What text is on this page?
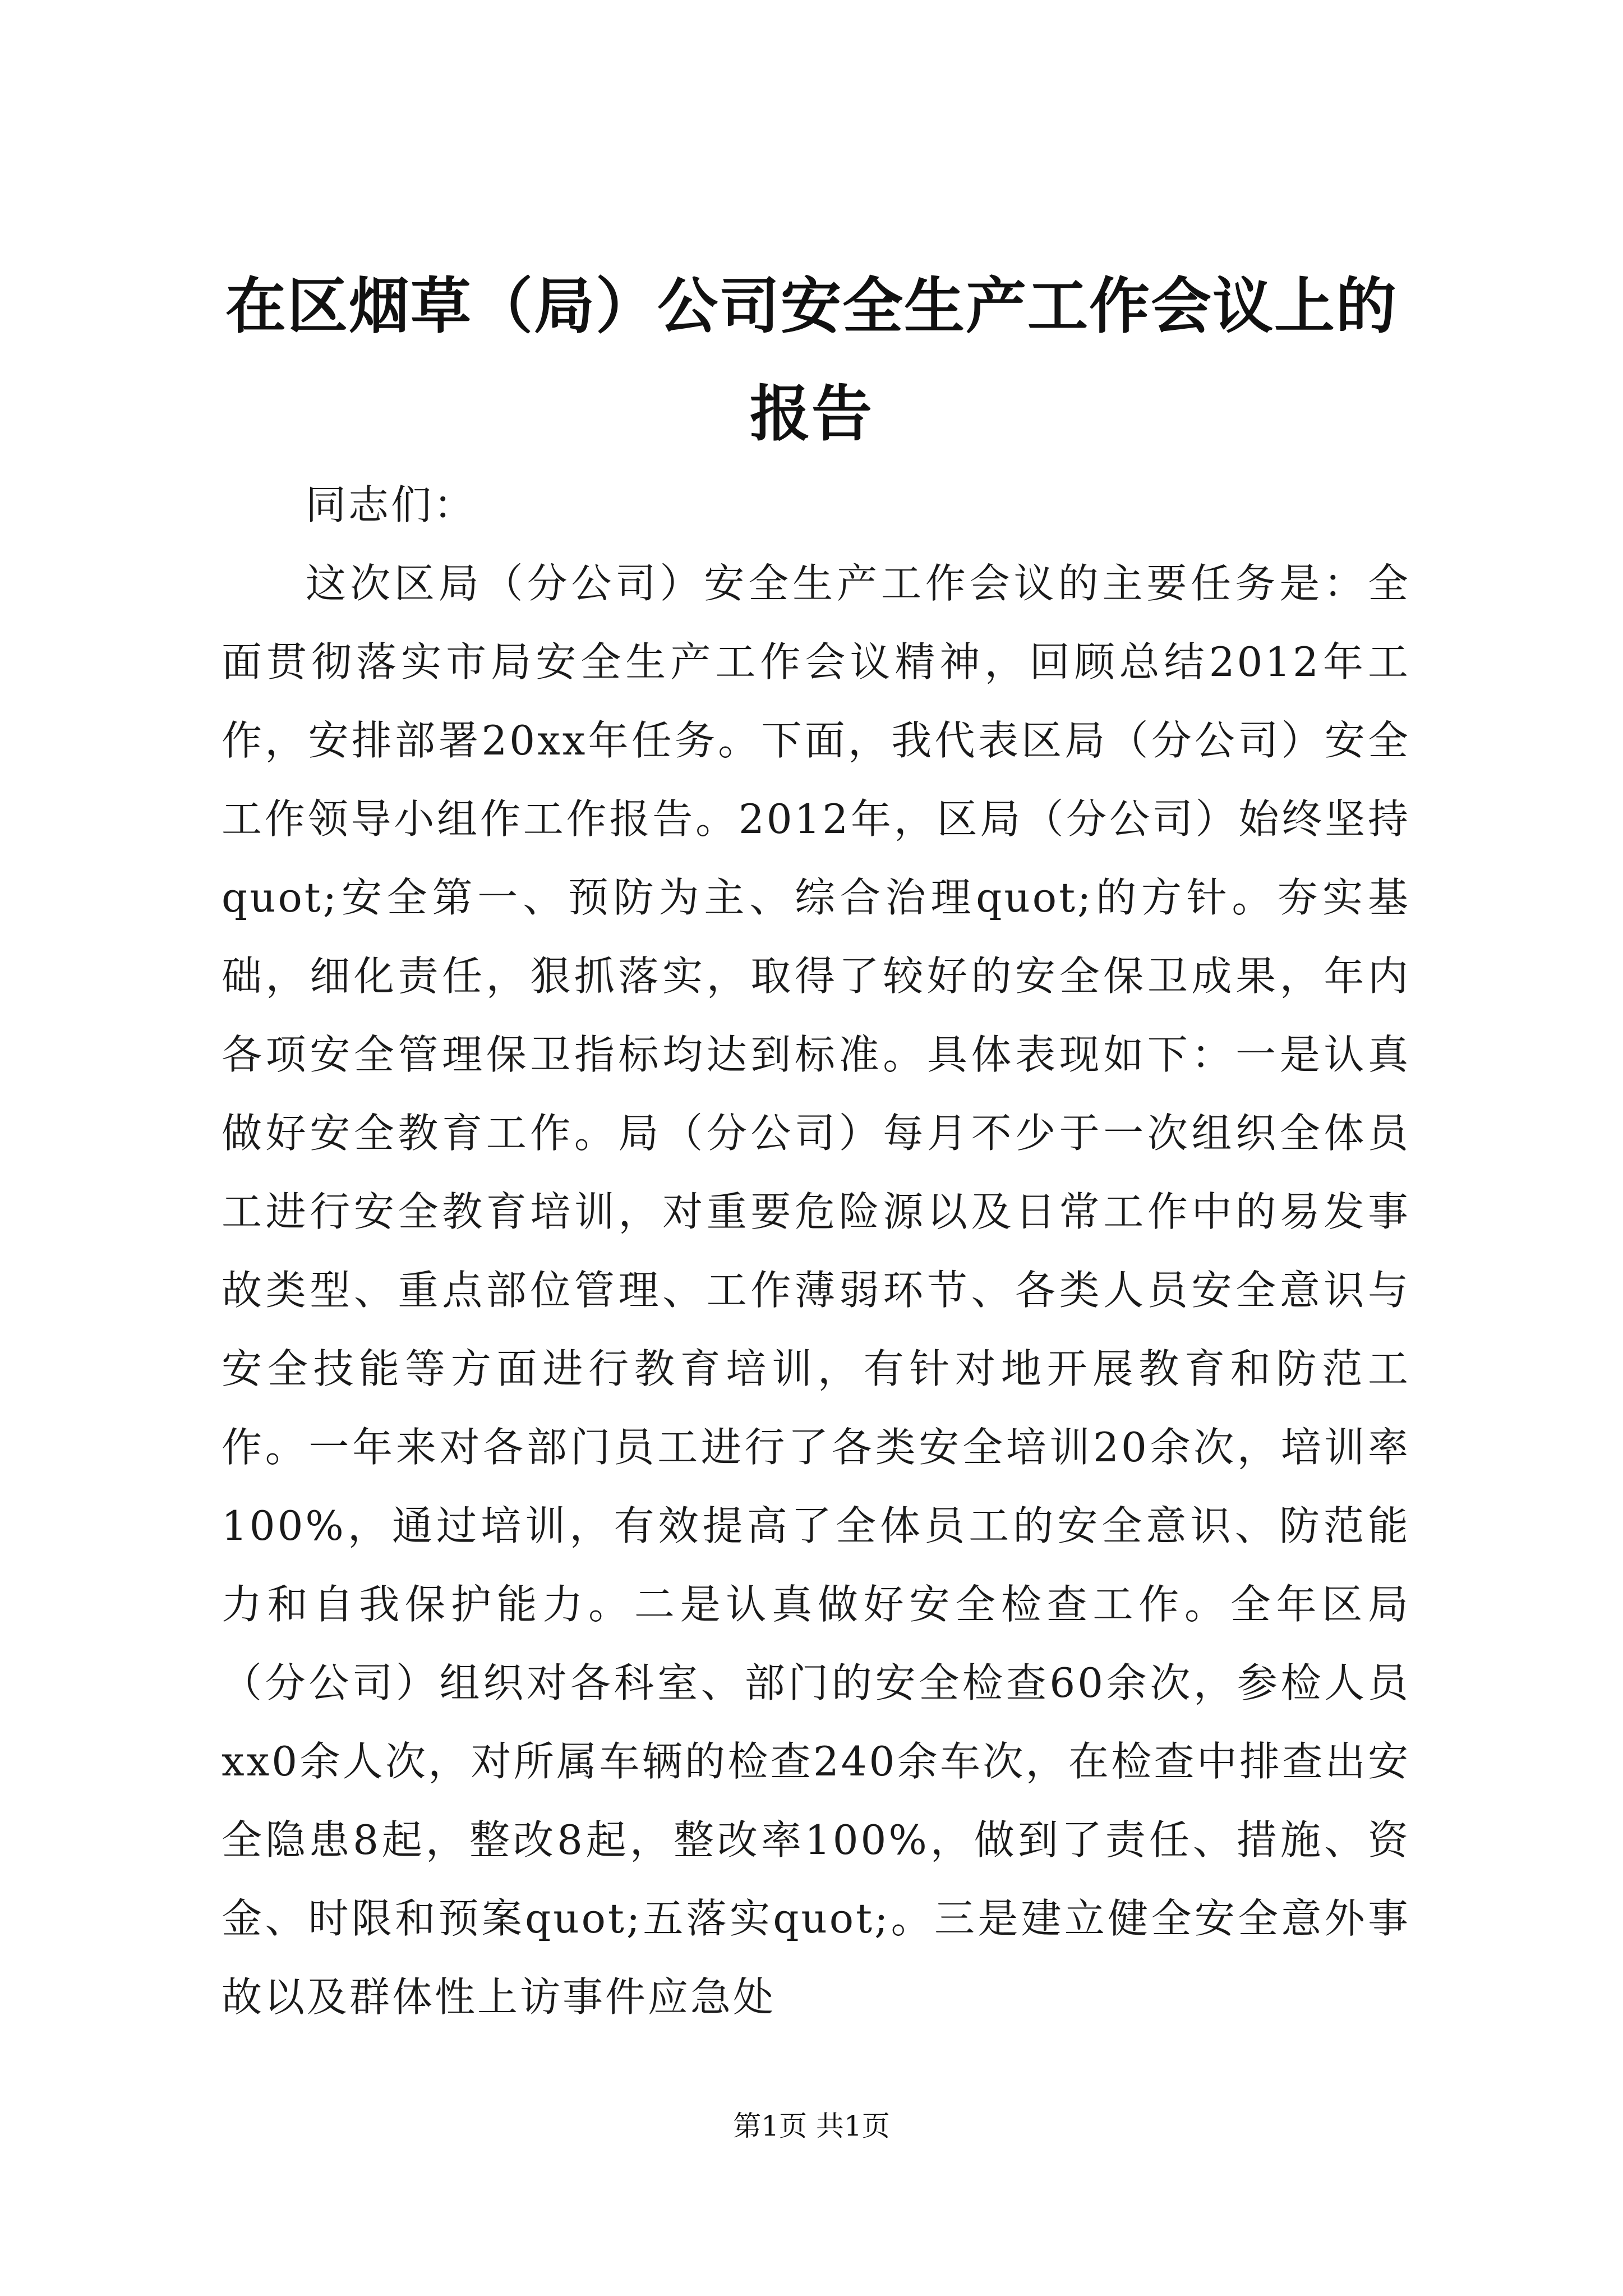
在区烟草（局）公司安全生产工作会议上的报告

同志们：

这次区局（分公司）安全生产工作会议的主要任务是：全面贯彻落实市局安全生产工作会议精神，回顾总结2012年工作，安排部署20xx年任务。下面，我代表区局（分公司）安全工作领导小组作工作报告。2012年，区局（分公司）始终坚持quot;安全第一、预防为主、综合治理quot;的方针。夯实基础，细化责任，狠抓落实，取得了较好的安全保卫成果，年内各项安全管理保卫指标均达到标准。具体表现如下：一是认真做好安全教育工作。局（分公司）每月不少于一次组织全体员工进行安全教育培训，对重要危险源以及日常工作中的易发事故类型、重点部位管理、工作薄弱环节、各类人员安全意识与安全技能等方面进行教育培训，有针对地开展教育和防范工作。一年来对各部门员工进行了各类安全培训20余次，培训率100%，通过培训，有效提高了全体员工的安全意识、防范能力和自我保护能力。二是认真做好安全检查工作。全年区局（分公司）组织对各科室、部门的安全检查60余次，参检人员xx0余人次，对所属车辆的检查240余车次，在检查中排查出安全隐患8起，整改8起，整改率100%，做到了责任、措施、资金、时限和预案quot;五落实quot;。三是建立健全安全意外事故以及群体性上访事件应急处

第1页 共1页
